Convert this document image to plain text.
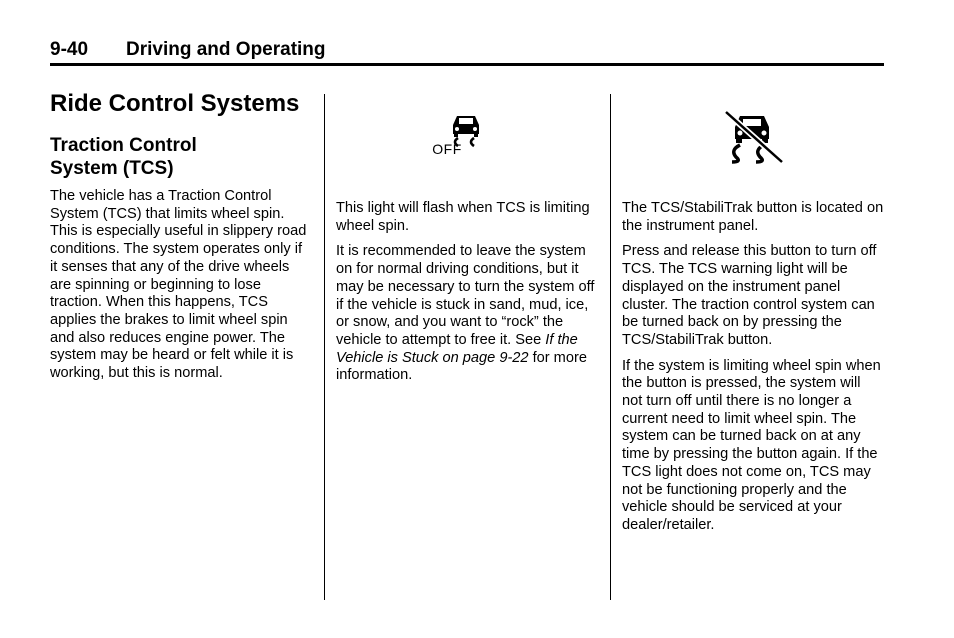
9-40 Driving and Operating
Ride Control Systems
Traction Control System (TCS)

The vehicle has a Traction Control System (TCS) that limits wheel spin. This is especially useful in slippery road conditions. The system operates only if it senses that any of the drive wheels are spinning or beginning to lose traction. When this happens, TCS applies the brakes to limit wheel spin and also reduces engine power. The system may be heard or felt while it is working, but this is normal.

OFF

This light will flash when TCS is limiting wheel spin.

It is recommended to leave the system on for normal driving conditions, but it may be necessary to turn the system off if the vehicle is stuck in sand, mud, ice, or snow, and you want to “rock” the vehicle to attempt to free it. See If the Vehicle is Stuck on page 9-22 for more information.

The TCS/StabiliTrak button is located on the instrument panel.

Press and release this button to turn off TCS. The TCS warning light will be displayed on the instrument panel cluster. The traction control system can be turned back on by pressing the TCS/StabiliTrak button.

If the system is limiting wheel spin when the button is pressed, the system will not turn off until there is no longer a current need to limit wheel spin. The system can be turned back on at any time by pressing the button again. If the TCS light does not come on, TCS may not be functioning properly and the vehicle should be serviced at your dealer/retailer.
